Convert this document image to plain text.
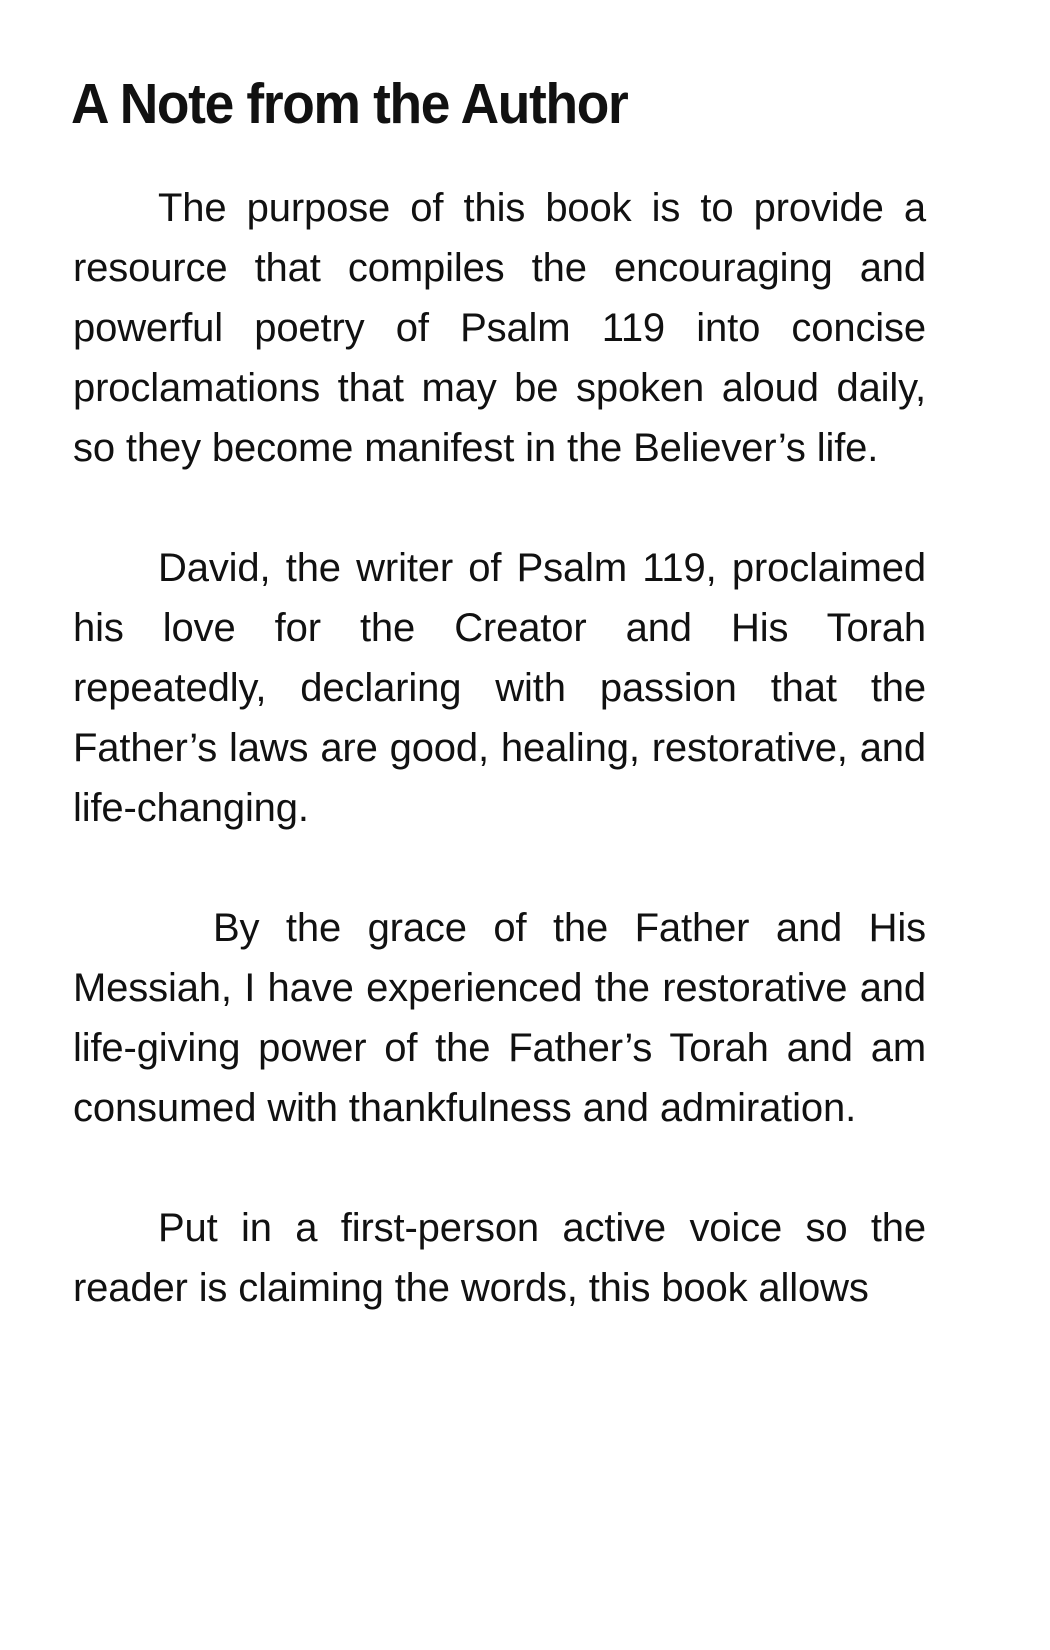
A Note from the Author

The purpose of this book is to provide a resource that compiles the encouraging and powerful poetry of Psalm 119 into concise proclamations that may be spoken aloud daily, so they become manifest in the Believer’s life.

David, the writer of Psalm 119, proclaimed his love for the Creator and His Torah repeatedly, declaring with passion that the Father’s laws are good, healing, restorative, and life-changing.

By the grace of the Father and His Messiah, I have experienced the restorative and life-giving power of the Father’s Torah and am consumed with thankfulness and admiration.

Put in a first-person active voice so the reader is claiming the words, this book allows
